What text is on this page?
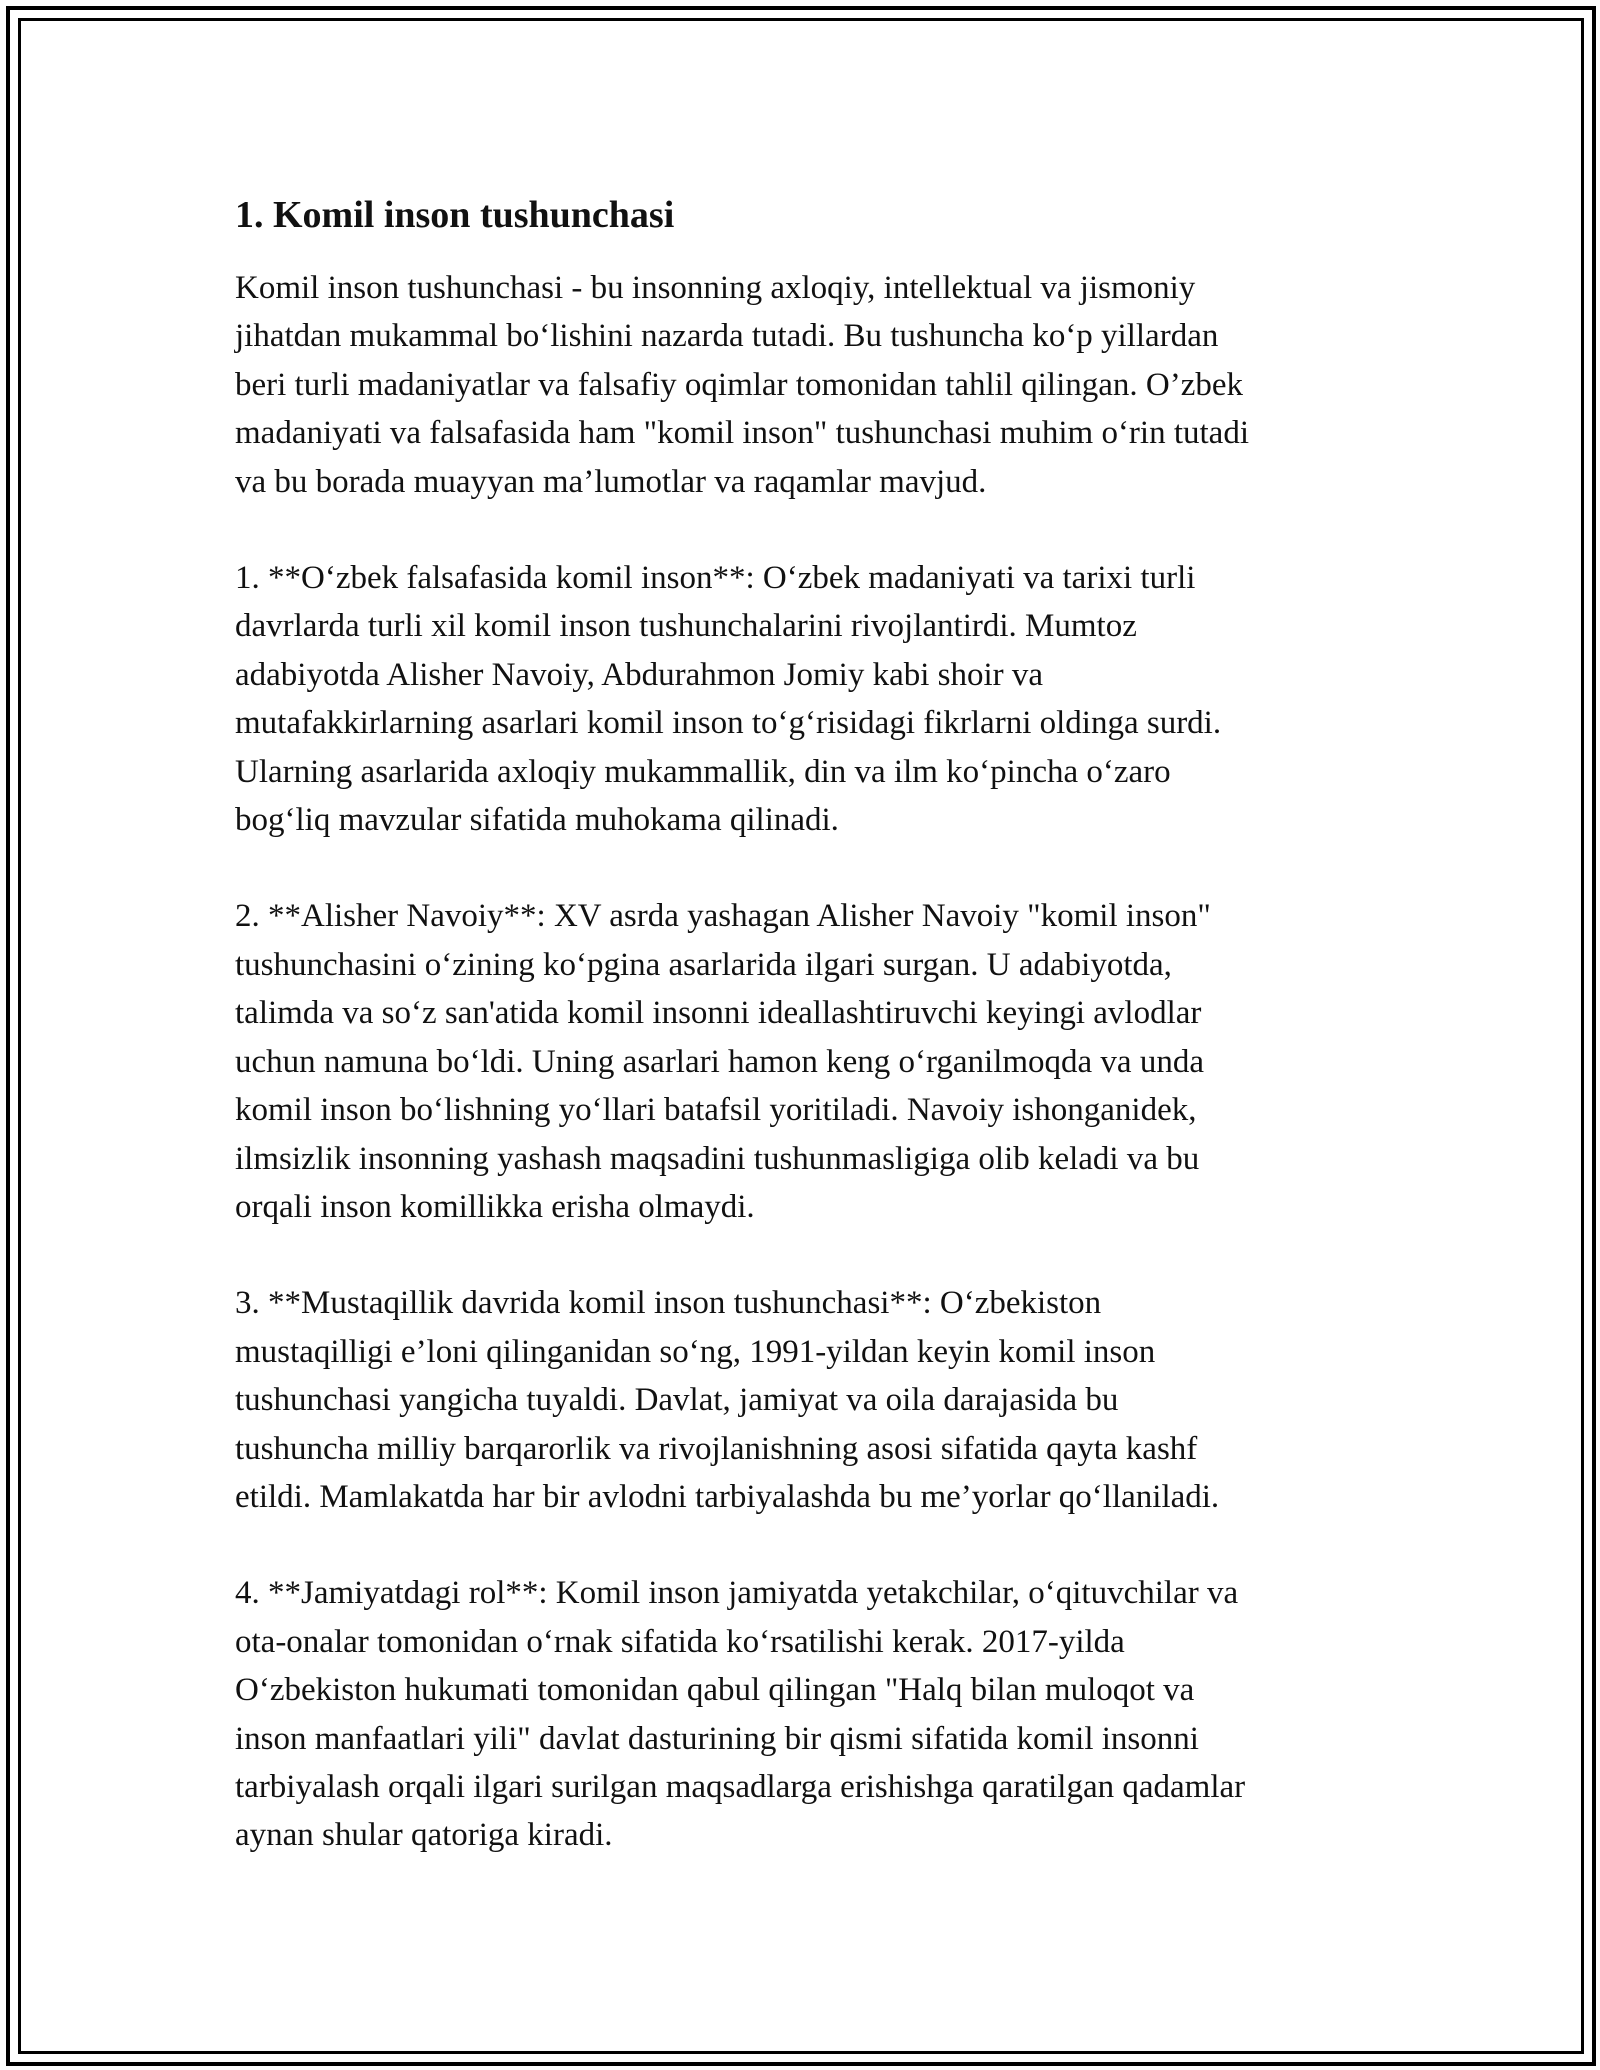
1. Komil inson tushunchasi

Komil inson tushunchasi - bu insonning axloqiy, intellektual va jismoniy
jihatdan mukammal bo‘lishini nazarda tutadi. Bu tushuncha ko‘p yillardan
beri turli madaniyatlar va falsafiy oqimlar tomonidan tahlil qilingan. O’zbek
madaniyati va falsafasida ham "komil inson" tushunchasi muhim o‘rin tutadi
va bu borada muayyan ma’lumotlar va raqamlar mavjud.

1. **O‘zbek falsafasida komil inson**: O‘zbek madaniyati va tarixi turli
davrlarda turli xil komil inson tushunchalarini rivojlantirdi. Mumtoz
adabiyotda Alisher Navoiy, Abdurahmon Jomiy kabi shoir va
mutafakkirlarning asarlari komil inson to‘g‘risidagi fikrlarni oldinga surdi.
Ularning asarlarida axloqiy mukammallik, din va ilm ko‘pincha o‘zaro
bog‘liq mavzular sifatida muhokama qilinadi.

2. **Alisher Navoiy**: XV asrda yashagan Alisher Navoiy "komil inson"
tushunchasini o‘zining ko‘pgina asarlarida ilgari surgan. U adabiyotda,
talimda va so‘z san'atida komil insonni ideallashtiruvchi keyingi avlodlar
uchun namuna bo‘ldi. Uning asarlari hamon keng o‘rganilmoqda va unda
komil inson bo‘lishning yo‘llari batafsil yoritiladi. Navoiy ishonganidek,
ilmsizlik insonning yashash maqsadini tushunmasligiga olib keladi va bu
orqali inson komillikka erisha olmaydi.

3. **Mustaqillik davrida komil inson tushunchasi**: O‘zbekiston
mustaqilligi e’loni qilinganidan so‘ng, 1991-yildan keyin komil inson
tushunchasi yangicha tuyaldi. Davlat, jamiyat va oila darajasida bu
tushuncha milliy barqarorlik va rivojlanishning asosi sifatida qayta kashf
etildi. Mamlakatda har bir avlodni tarbiyalashda bu me’yorlar qo‘llaniladi.

4. **Jamiyatdagi rol**: Komil inson jamiyatda yetakchilar, o‘qituvchilar va
ota-onalar tomonidan o‘rnak sifatida ko‘rsatilishi kerak. 2017-yilda
O‘zbekiston hukumati tomonidan qabul qilingan "Halq bilan muloqot va
inson manfaatlari yili" davlat dasturining bir qismi sifatida komil insonni
tarbiyalash orqali ilgari surilgan maqsadlarga erishishga qaratilgan qadamlar
aynan shular qatoriga kiradi.
